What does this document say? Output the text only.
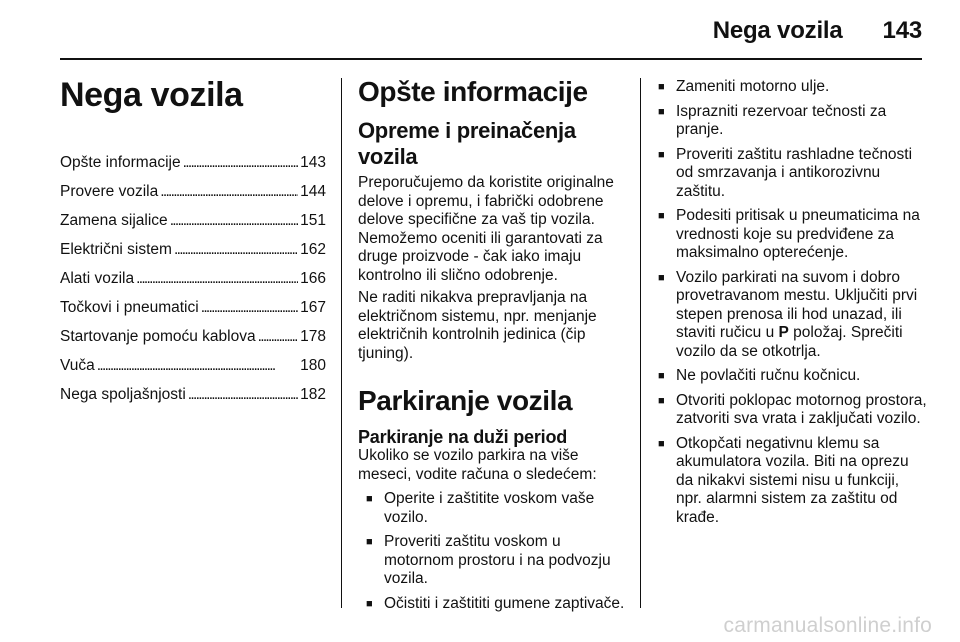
Nega vozila 143
Nega vozila
Opšte informacije . . .	143
Provere vozila . . .	144
Zamena sijalice . . .	151
Električni sistem . . .	162
Alati vozila . . .	166
Točkovi i pneumatici . . .	167
Startovanje pomoću kablova . . .	178
Vuča . . .	180
Nega spoljašnjosti . . .	182
Opšte informacije
Opreme i preinačenja vozila

Preporučujemo da koristite originalne delove i opremu, i fabrički odobrene delove specifične za vaš tip vozila. Nemožemo oceniti ili garantovati za druge proizvode - čak iako imaju kontrolno ili slično odobrenje.

Ne raditi nikakva prepravljanja na električnom sistemu, npr. menjanje električnih kontrolnih jedinica (čip tjuning).

Parkiranje vozila
Parkiranje na duži period

Ukoliko se vozilo parkira na više meseci, vodite računa o sledećem:

■ Operite i zaštitite voskom vaše vozilo.
■ Proveriti zaštitu voskom u motornom prostoru i na podvozju vozila.
■ Očistiti i zaštititi gumene zaptivače.
■ Zameniti motorno ulje.
■ Isprazniti rezervoar tečnosti za pranje.
■ Proveriti zaštitu rashladne tečnosti od smrzavanja i antikorozivnu zaštitu.
■ Podesiti pritisak u pneumaticima na vrednosti koje su predviđene za maksimalno opterećenje.
■ Vozilo parkirati na suvom i dobro provetravanom mestu. Uključiti prvi stepen prenosa ili hod unazad, ili staviti ručicu u P položaj. Sprečiti vozilo da se otkotrlja.
■ Ne povlačiti ručnu kočnicu.
■ Otvoriti poklopac motornog prostora, zatvoriti sva vrata i zaključati vozilo.
■ Otkopčati negativnu klemu sa akumulatora vozila. Biti na oprezu da nikakvi sistemi nisu u funkciji, npr. alarmni sistem za zaštitu od krađe.
carmanualsonline.info
